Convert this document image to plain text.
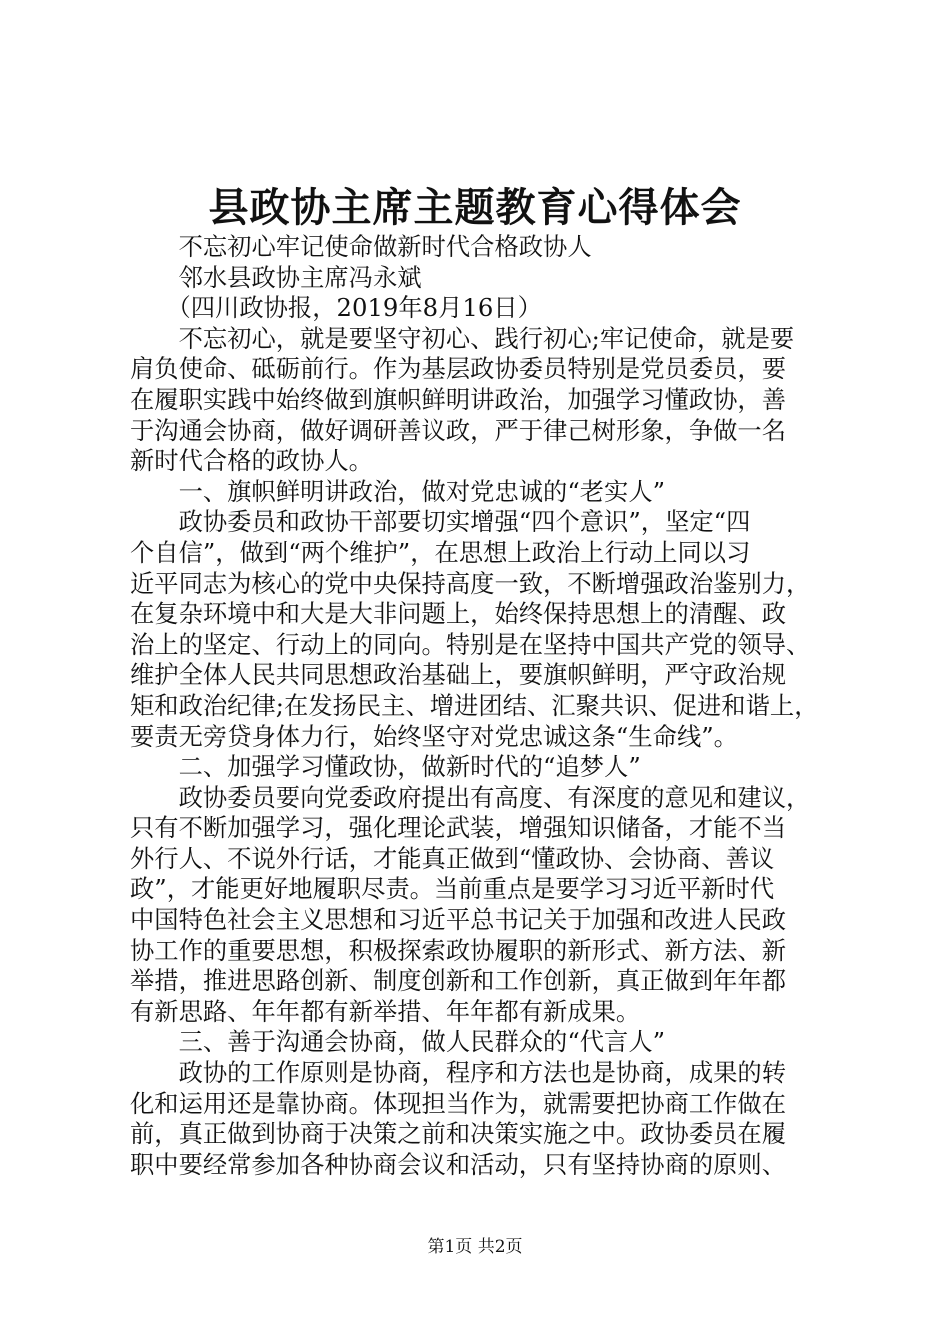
县政协主席主题教育心得体会
　　不忘初心牢记使命做新时代合格政协人
　　邻水县政协主席冯永斌
　　（四川政协报，2019年8月16日）
　　不忘初心，就是要坚守初心、践行初心;牢记使命，就是要
肩负使命、砥砺前行。作为基层政协委员特别是党员委员，要
在履职实践中始终做到旗帜鲜明讲政治，加强学习懂政协，善
于沟通会协商，做好调研善议政，严于律己树形象，争做一名
新时代合格的政协人。
　　一、旗帜鲜明讲政治，做对党忠诚的“老实人”
　　政协委员和政协干部要切实增强“四个意识”，坚定“四
个自信”，做到“两个维护”，在思想上政治上行动上同以习
近平同志为核心的党中央保持高度一致，不断增强政治鉴别力，
在复杂环境中和大是大非问题上，始终保持思想上的清醒、政
治上的坚定、行动上的同向。特别是在坚持中国共产党的领导、
维护全体人民共同思想政治基础上，要旗帜鲜明，严守政治规
矩和政治纪律;在发扬民主、增进团结、汇聚共识、促进和谐上，
要责无旁贷身体力行，始终坚守对党忠诚这条“生命线”。
　　二、加强学习懂政协，做新时代的“追梦人”
　　政协委员要向党委政府提出有高度、有深度的意见和建议，
只有不断加强学习，强化理论武装，增强知识储备，才能不当
外行人、不说外行话，才能真正做到“懂政协、会协商、善议
政”，才能更好地履职尽责。当前重点是要学习习近平新时代
中国特色社会主义思想和习近平总书记关于加强和改进人民政
协工作的重要思想，积极探索政协履职的新形式、新方法、新
举措，推进思路创新、制度创新和工作创新，真正做到年年都
有新思路、年年都有新举措、年年都有新成果。
　　三、善于沟通会协商，做人民群众的“代言人”
　　政协的工作原则是协商，程序和方法也是协商，成果的转
化和运用还是靠协商。体现担当作为，就需要把协商工作做在
前，真正做到协商于决策之前和决策实施之中。政协委员在履
职中要经常参加各种协商会议和活动，只有坚持协商的原则、
第1页 共2页
